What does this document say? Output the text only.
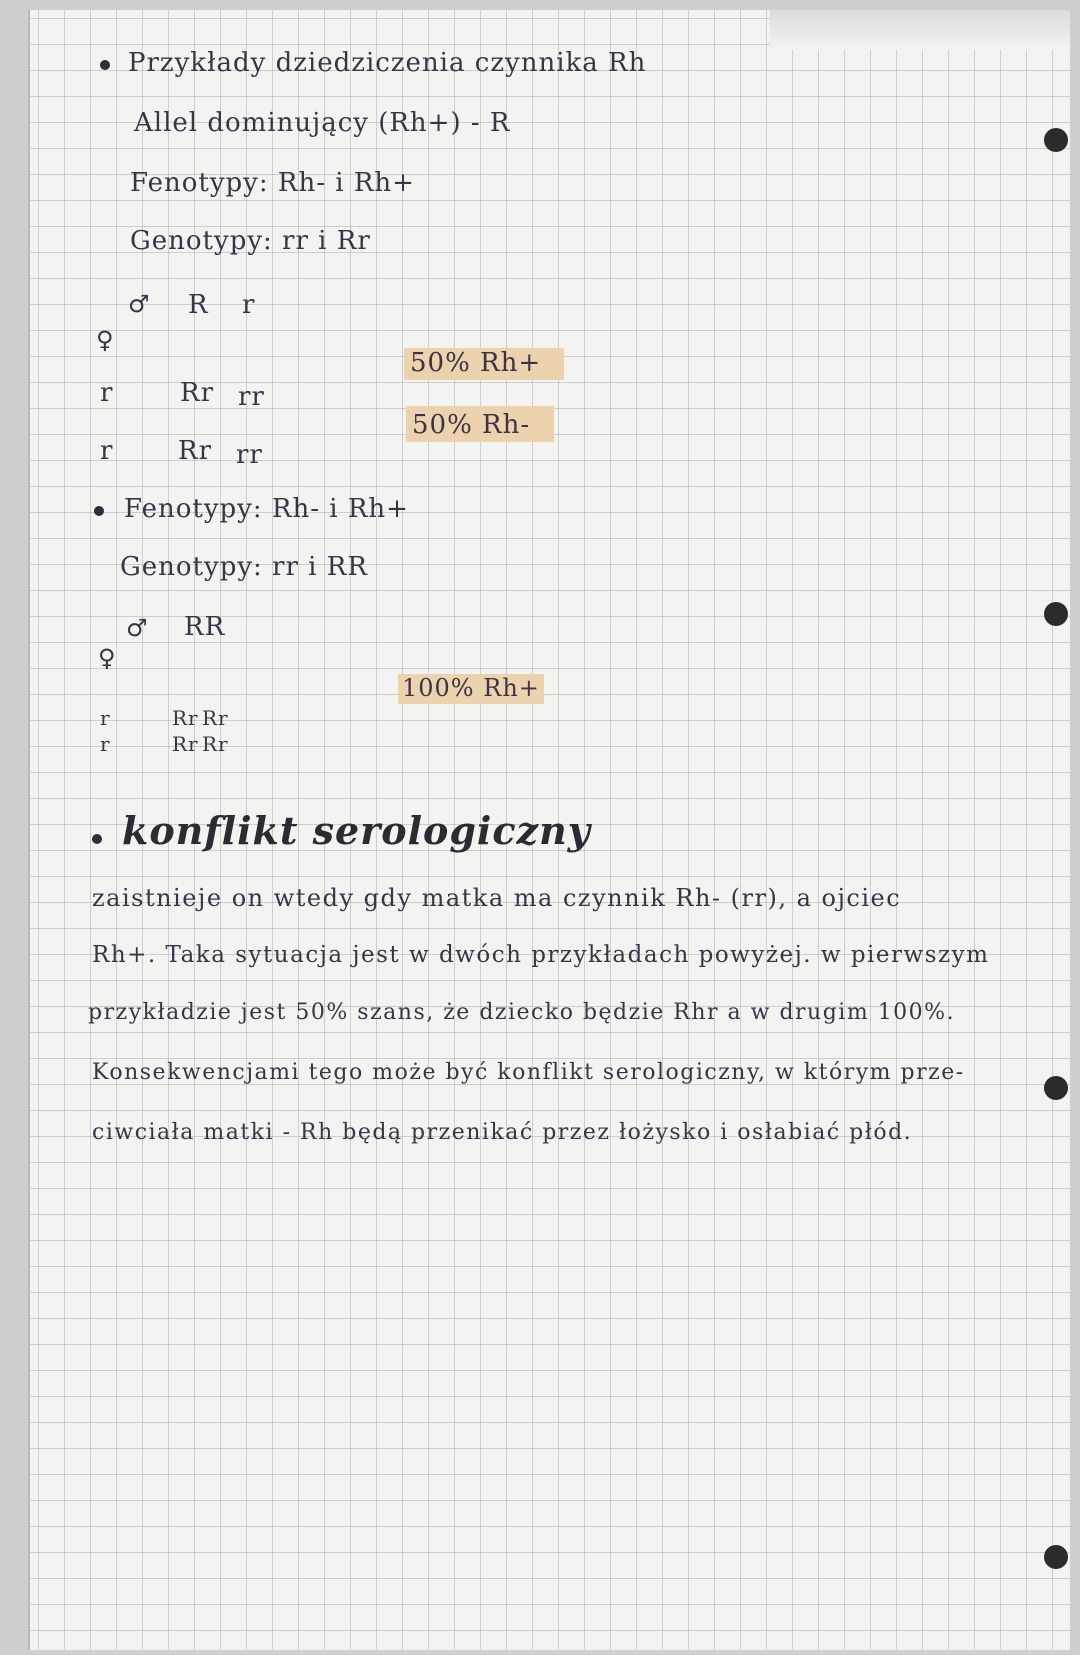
Przykłady dziedziczenia czynnika Rh
Allel dominujący (Rh+) - R
Fenotypy: Rh- i Rh+
Genotypy: rr i Rr
♂ R r
♀
r
r
Rr rr
Rr rr
50% Rh+
50% Rh-
Fenotypy: Rh- i Rh+
Genotypy: rr i RR
♂ RR
♀
r
r
Rr Rr
Rr Rr
100% Rh+
konflikt serologiczny
zaistnieje on wtedy gdy matka ma czynnik Rh- (rr), a ojciec
Rh+. Taka sytuacja jest w dwóch przykładach powyżej. w pierwszym
przykładzie jest 50% szans, że dziecko będzie Rhr a w drugim 100%.
Konsekwencjami tego może być konflikt serologiczny, w którym prze-
ciwciała matki - Rh będą przenikać przez łożysko i osłabiać płód.
